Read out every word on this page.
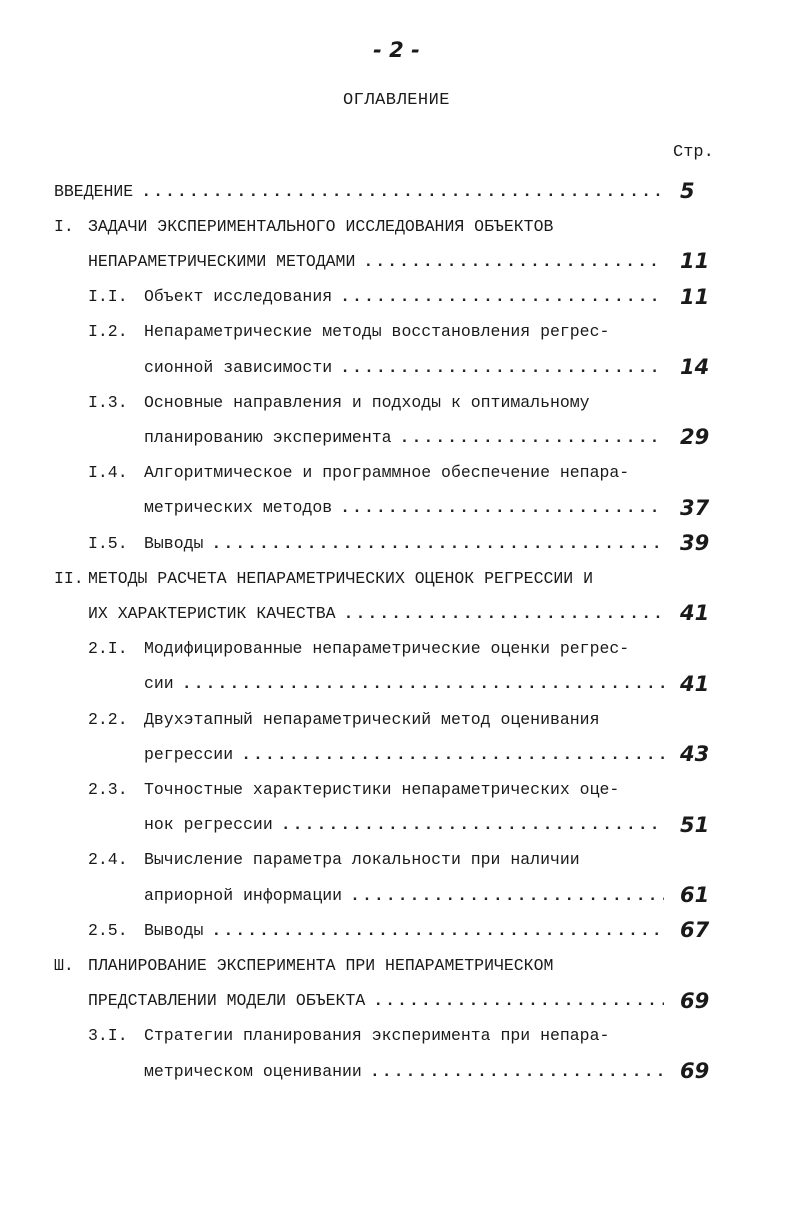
- 2 -
ОГЛАВЛЕНИЕ
Стр.
ВВЕДЕНИЕ .....	5
I. ЗАДАЧИ ЭКСПЕРИМЕНТАЛЬНОГО ИССЛЕДОВАНИЯ ОБЪЕКТОВ
НЕПАРАМЕТРИЧЕСКИМИ МЕТОДАМИ .....	11
I.I. Объект исследования .....	11
I.2. Непараметрические методы восстановления регрес-
сионной зависимости .....	14
I.3. Основные направления и подходы к оптимальному
планированию эксперимента .....	29
I.4. Алгоритмическое и программное обеспечение непара-
метрических методов .....	37
I.5. Выводы .....	39
II. МЕТОДЫ РАСЧЕТА НЕПАРАМЕТРИЧЕСКИХ ОЦЕНОК РЕГРЕССИИ И
ИХ ХАРАКТЕРИСТИК КАЧЕСТВА .....	41
2.I. Модифицированные непараметрические оценки регрес-
сии .....	41
2.2. Двухэтапный непараметрический метод оценивания
регрессии .....	43
2.3. Точностные характеристики непараметрических оце-
нок регрессии .....	51
2.4. Вычисление параметра локальности при наличии
априорной информации .....	61
2.5. Выводы .....	67
Ш. ПЛАНИРОВАНИЕ ЭКСПЕРИМЕНТА ПРИ НЕПАРАМЕТРИЧЕСКОМ
ПРЕДСТАВЛЕНИИ МОДЕЛИ ОБЪЕКТА .....	69
3.I. Стратегии планирования эксперимента при непара-
метрическом оценивании .....	69
